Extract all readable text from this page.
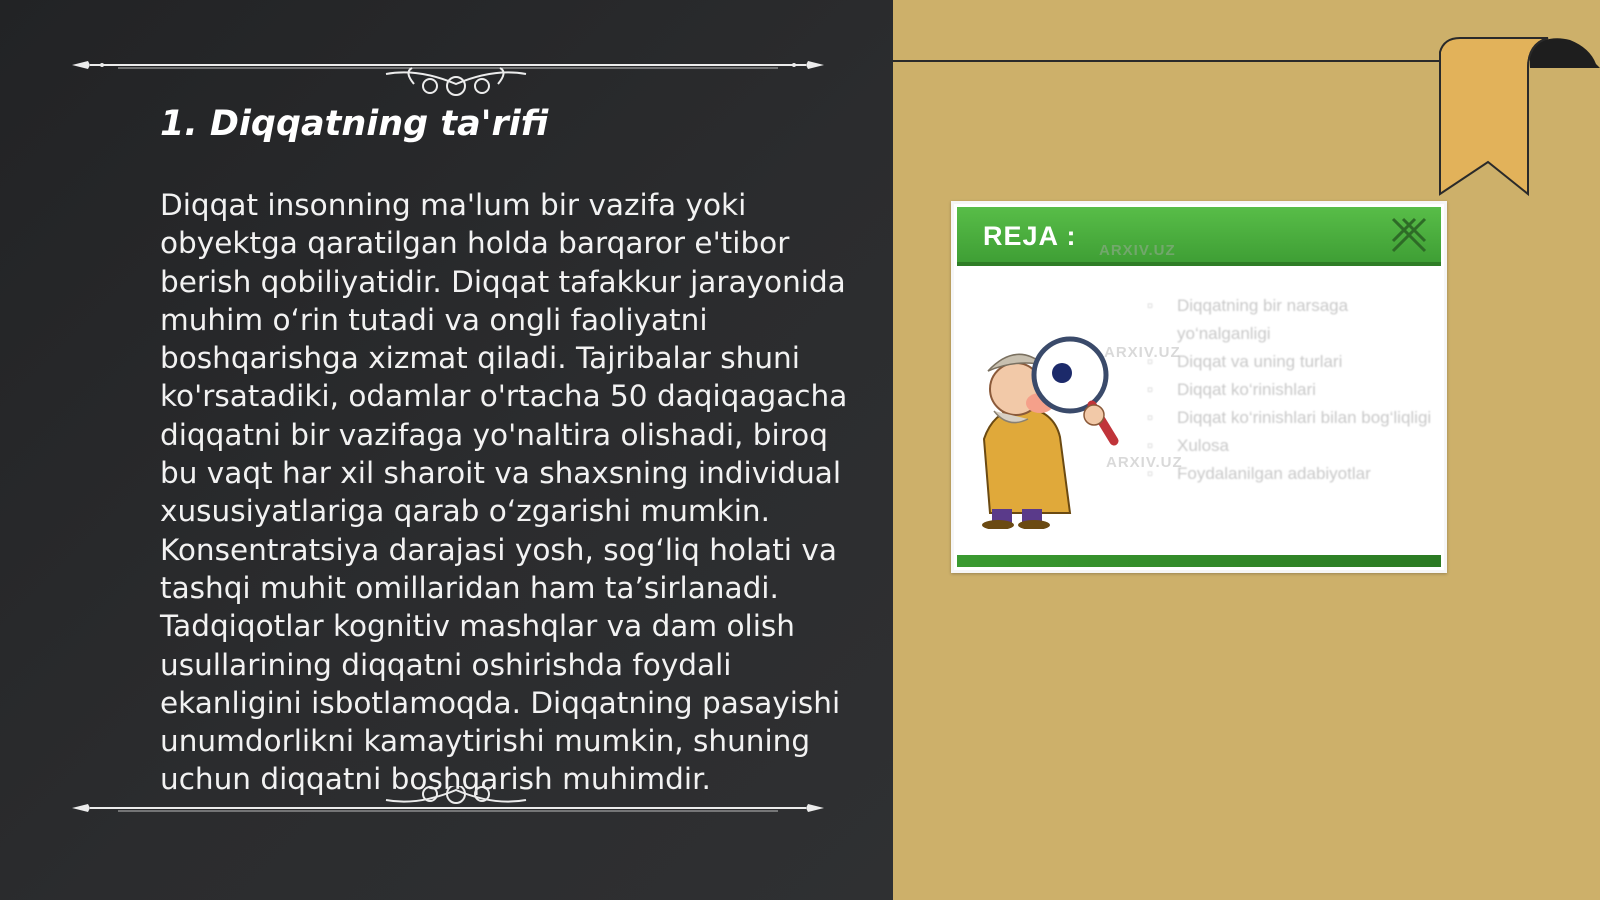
1. Diqqatning ta'rifi

Diqqat insonning ma'lum bir vazifa yoki obyektga qaratilgan holda barqaror e'tibor berish qobiliyatidir. Diqqat tafakkur jarayonida muhim o‘rin tutadi va ongli faoliyatni boshqarishga xizmat qiladi. Tajribalar shuni ko'rsatadiki, odamlar o'rtacha 50 daqiqagacha diqqatni bir vazifaga yo'naltira olishadi, biroq bu vaqt har xil sharoit va shaxsning individual xususiyatlariga qarab o‘zgarishi mumkin. Konsentratsiya darajasi yosh, sog‘liq holati va tashqi muhit omillaridan ham ta’sirlanadi. Tadqiqotlar kognitiv mashqlar va dam olish usullarining diqqatni oshirishda foydali ekanligini isbotlamoqda. Diqqatning pasayishi unumdorlikni kamaytirishi mumkin, shuning uchun diqqatni boshqarish muhimdir.

REJA : ARXIV.UZ
ARXIV.UZ
ARXIV.UZ
▫ Diqqatning bir narsaga yo‘nalganligi
▫ Diqqat va uning turlari
▫ Diqqat ko‘rinishlari
▫ Diqqat ko‘rinishlari bilan bog‘liqligi
▫ Xulosa
▫ Foydalanilgan adabiyotlar
